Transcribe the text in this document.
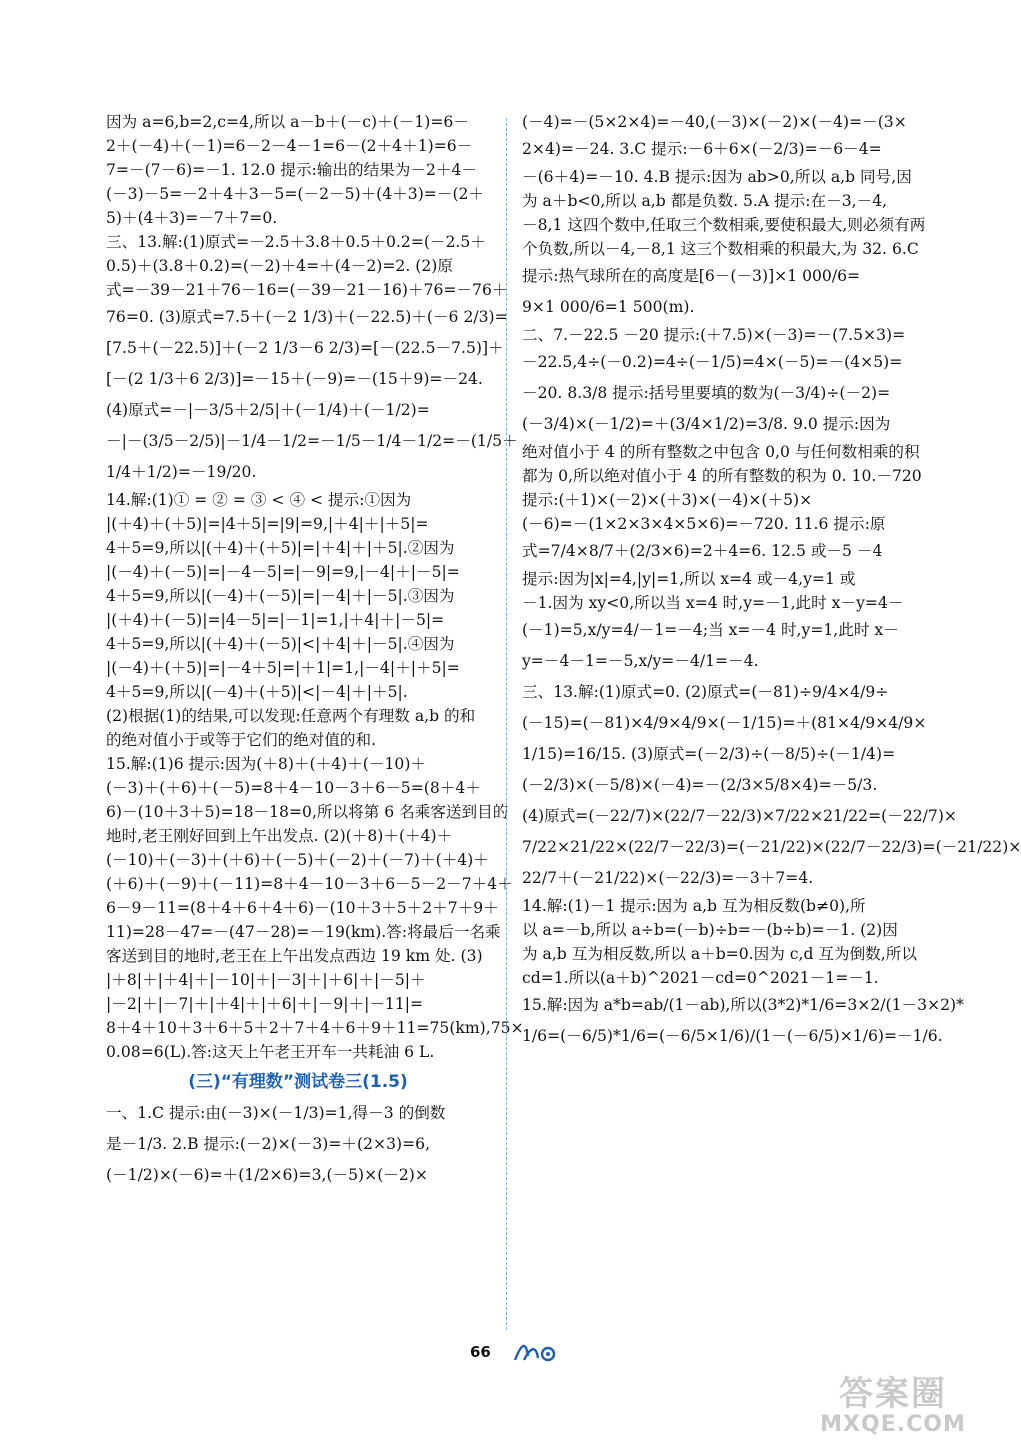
因为 a=6,b=2,c=4,所以 a－b＋(－c)＋(－1)=6－
2＋(－4)＋(－1)=6－2－4－1=6－(2＋4＋1)=6－
7=－(7－6)=－1. 12.0 提示:输出的结果为－2＋4－
(－3)－5=－2＋4＋3－5=(－2－5)＋(4＋3)=－(2＋
5)＋(4＋3)=－7＋7=0.
三、13.解:(1)原式=－2.5＋3.8＋0.5＋0.2=(－2.5＋
0.5)＋(3.8＋0.2)=(－2)＋4=＋(4－2)=2. (2)原
式=－39－21＋76－16=(－39－21－16)＋76=－76＋
76=0. (3)原式=7.5＋(－2 1/3)＋(－22.5)＋(－6 2/3)=
[7.5＋(－22.5)]＋(－2 1/3－6 2/3)=[－(22.5－7.5)]＋
[－(2 1/3＋6 2/3)]=－15＋(－9)=－(15＋9)=－24.
(4)原式=－|－3/5＋2/5|＋(－1/4)＋(－1/2)=
－|－(3/5－2/5)|－1/4－1/2=－1/5－1/4－1/2=－(1/5＋
1/4＋1/2)=－19/20.
14.解:(1)① = ② = ③ < ④ < 提示:①因为
|(＋4)＋(＋5)|=|4＋5|=|9|=9,|＋4|＋|＋5|=
4＋5=9,所以|(＋4)＋(＋5)|=|＋4|＋|＋5|.②因为
|(－4)＋(－5)|=|－4－5|=|－9|=9,|－4|＋|－5|=
4＋5=9,所以|(－4)＋(－5)|=|－4|＋|－5|.③因为
|(＋4)＋(－5)|=|4－5|=|－1|=1,|＋4|＋|－5|=
4＋5=9,所以|(＋4)＋(－5)|<|＋4|＋|－5|.④因为
|(－4)＋(＋5)|=|－4＋5|=|＋1|=1,|－4|＋|＋5|=
4＋5=9,所以|(－4)＋(＋5)|<|－4|＋|＋5|.
(2)根据(1)的结果,可以发现:任意两个有理数 a,b 的和
的绝对值小于或等于它们的绝对值的和.
15.解:(1)6 提示:因为(＋8)＋(＋4)＋(－10)＋
(－3)＋(＋6)＋(－5)=8＋4－10－3＋6－5=(8＋4＋
6)－(10＋3＋5)=18－18=0,所以将第 6 名乘客送到目的
地时,老王刚好回到上午出发点. (2)(＋8)＋(＋4)＋
(－10)＋(－3)＋(＋6)＋(－5)＋(－2)＋(－7)＋(＋4)＋
(＋6)＋(－9)＋(－11)=8＋4－10－3＋6－5－2－7＋4＋
6－9－11=(8＋4＋6＋4＋6)－(10＋3＋5＋2＋7＋9＋
11)=28－47=－(47－28)=－19(km).答:将最后一名乘
客送到目的地时,老王在上午出发点西边 19 km 处. (3)
|＋8|＋|＋4|＋|－10|＋|－3|＋|＋6|＋|－5|＋
|－2|＋|－7|＋|＋4|＋|＋6|＋|－9|＋|－11|=
8＋4＋10＋3＋6＋5＋2＋7＋4＋6＋9＋11=75(km),75×
0.08=6(L).答:这天上午老王开车一共耗油 6 L.
(三)“有理数”测试卷三(1.5)
一、1.C 提示:由(－3)×(－1/3)=1,得－3 的倒数
是－1/3. 2.B 提示:(－2)×(－3)=＋(2×3)=6,
(－1/2)×(－6)=＋(1/2×6)=3,(－5)×(－2)×
(－4)=－(5×2×4)=－40,(－3)×(－2)×(－4)=－(3×
2×4)=－24. 3.C 提示:－6＋6×(－2/3)=－6－4=
－(6＋4)=－10. 4.B 提示:因为 ab>0,所以 a,b 同号,因
为 a＋b<0,所以 a,b 都是负数. 5.A 提示:在－3,－4,
－8,1 这四个数中,任取三个数相乘,要使积最大,则必须有两
个负数,所以－4,－8,1 这三个数相乘的积最大,为 32. 6.C
提示:热气球所在的高度是[6－(－3)]×1 000/6=
9×1 000/6=1 500(m).
二、7.－22.5 －20 提示:(＋7.5)×(－3)=－(7.5×3)=
－22.5,4÷(－0.2)=4÷(－1/5)=4×(－5)=－(4×5)=
－20. 8.3/8 提示:括号里要填的数为(－3/4)÷(－2)=
(－3/4)×(－1/2)=＋(3/4×1/2)=3/8. 9.0 提示:因为
绝对值小于 4 的所有整数之中包含 0,0 与任何数相乘的积
都为 0,所以绝对值小于 4 的所有整数的积为 0. 10.－720
提示:(＋1)×(－2)×(＋3)×(－4)×(＋5)×
(－6)=－(1×2×3×4×5×6)=－720. 11.6 提示:原
式=7/4×8/7＋(2/3×6)=2＋4=6. 12.5 或－5 －4
提示:因为|x|=4,|y|=1,所以 x=4 或－4,y=1 或
－1.因为 xy<0,所以当 x=4 时,y=－1,此时 x－y=4－
(－1)=5,x/y=4/－1=－4;当 x=－4 时,y=1,此时 x－
y=－4－1=－5,x/y=－4/1=－4.
三、13.解:(1)原式=0. (2)原式=(－81)÷9/4×4/9÷
(－15)=(－81)×4/9×4/9×(－1/15)=＋(81×4/9×4/9×
1/15)=16/15. (3)原式=(－2/3)÷(－8/5)÷(－1/4)=
(－2/3)×(－5/8)×(－4)=－(2/3×5/8×4)=－5/3.
(4)原式=(－22/7)×(22/7－22/3)×7/22×21/22=(－22/7)×
7/22×21/22×(22/7－22/3)=(－21/22)×(22/7－22/3)=(－21/22)×
22/7＋(－21/22)×(－22/3)=－3＋7=4.
14.解:(1)－1 提示:因为 a,b 互为相反数(b≠0),所
以 a=－b,所以 a÷b=(－b)÷b=－(b÷b)=－1. (2)因
为 a,b 互为相反数,所以 a＋b=0.因为 c,d 互为倒数,所以
cd=1.所以(a＋b)^2021－cd=0^2021－1=－1.
15.解:因为 a*b=ab/(1－ab),所以(3*2)*1/6=3×2/(1－3×2)*
1/6=(－6/5)*1/6=(－6/5×1/6)/(1－(－6/5)×1/6)=－1/6.
66
答案圈
MXQE.COM
